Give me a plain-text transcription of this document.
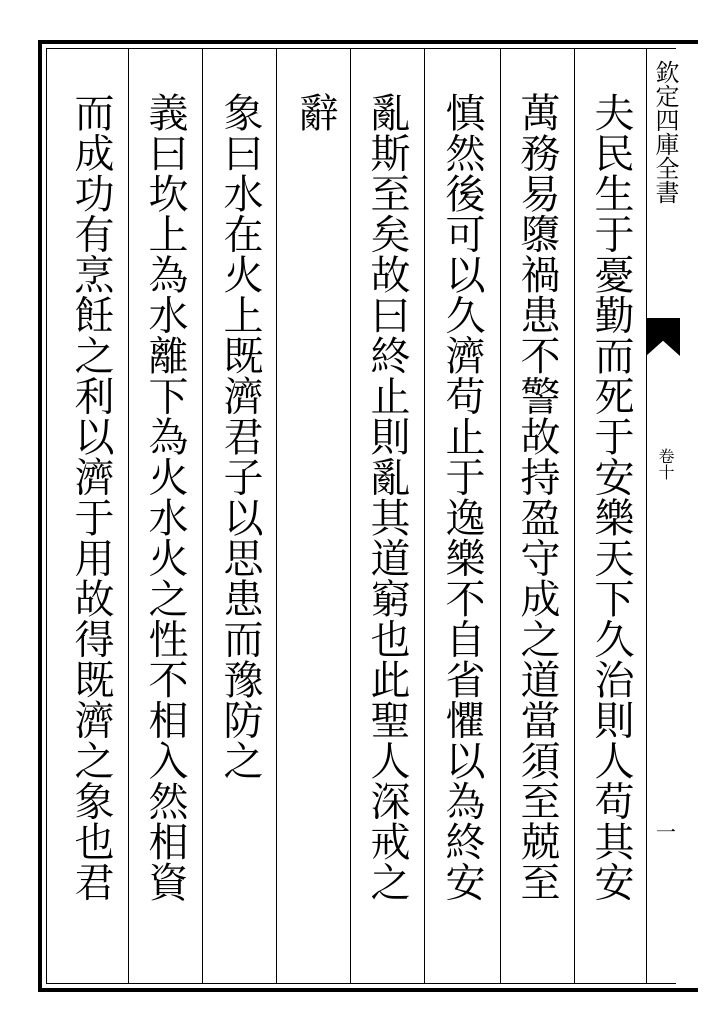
夫民生于憂勤而死于安樂天下久治則人苟其安
萬務易隳禍患不警故持盈守成之道當須至兢至
慎然後可以久濟苟止于逸樂不自省懼以為終安
亂斯至矣故曰終止則亂其道窮也此聖人深戒之
辭
象曰水在火上既濟君子以思患而豫防之
義曰坎上為水離下為火水火之性不相入然相資
而成功有烹飪之利以濟于用故得既濟之象也君	欽定四庫全書
卷十
一
